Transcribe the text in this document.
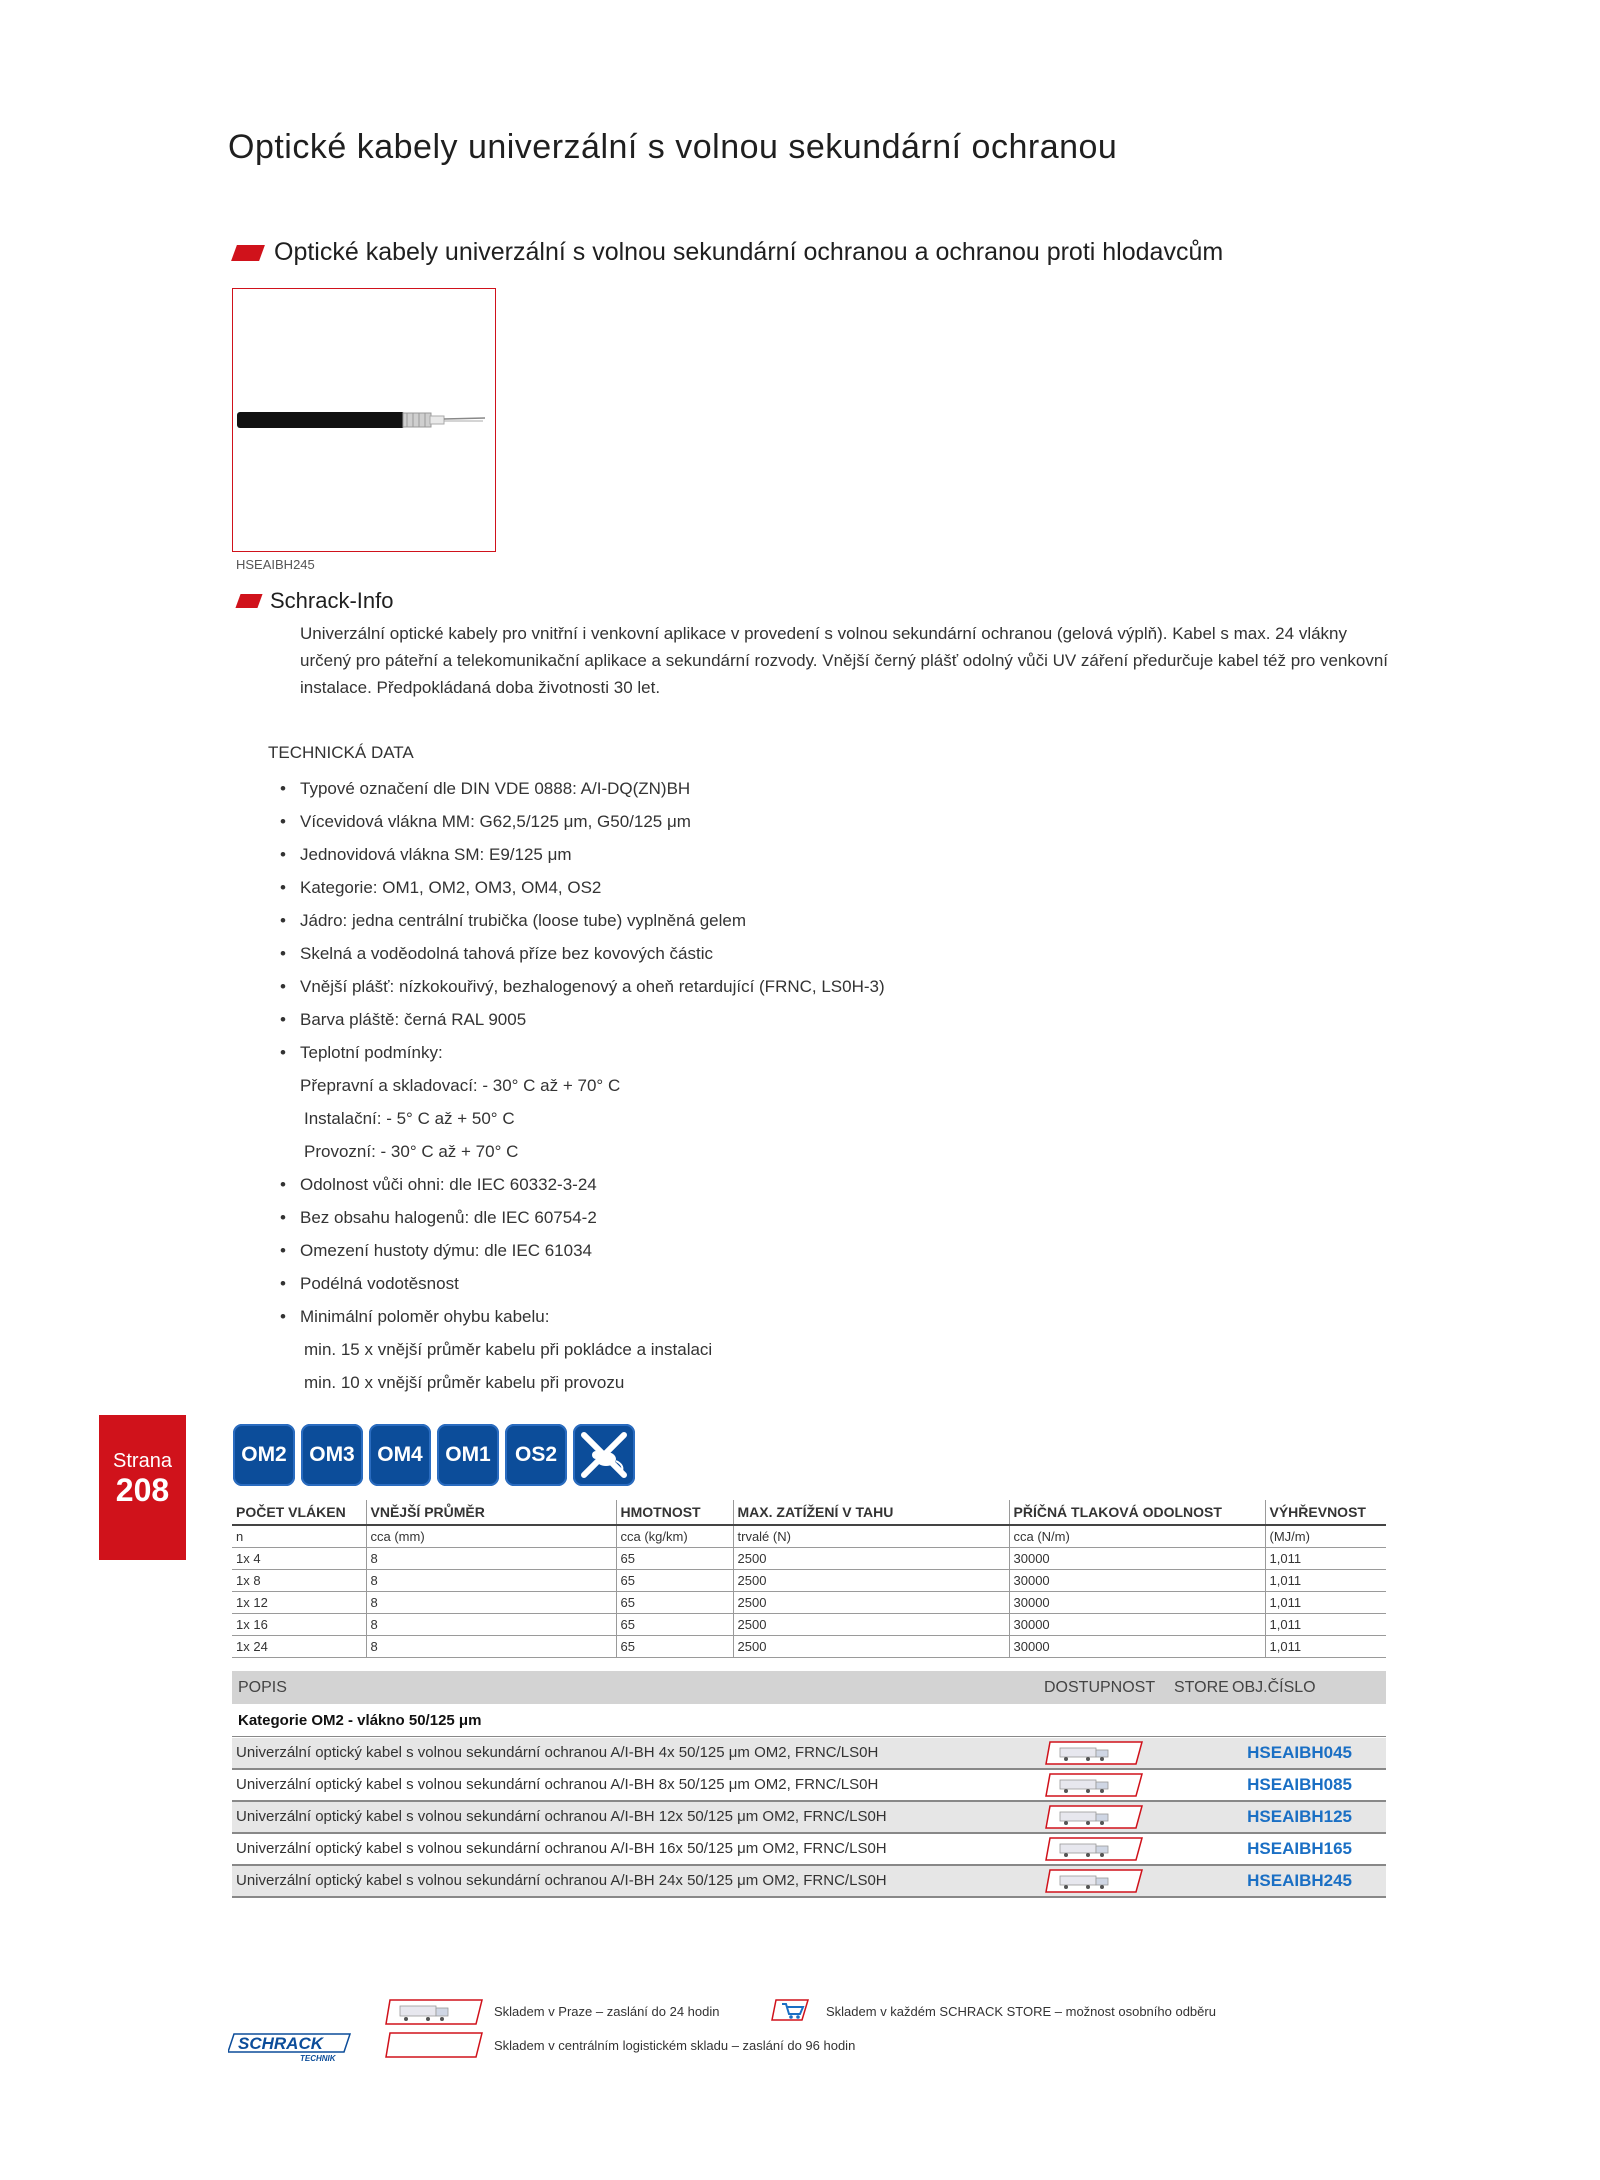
Optické kabely univerzální s volnou sekundární ochranou
Optické kabely univerzální s volnou sekundární ochranou a ochranou proti hlodavcům
HSEAIBH245
Schrack-Info
Univerzální optické kabely pro vnitřní i venkovní aplikace v provedení s volnou sekundární ochranou (gelová výplň). Kabel s max. 24 vlákny určený pro páteřní a telekomunikační aplikace a sekundární rozvody. Vnější černý plášť odolný vůči UV záření předurčuje kabel též pro venkovní instalace. Předpokládaná doba životnosti 30 let.
TECHNICKÁ DATA
• Typové označení dle DIN VDE 0888: A/I-DQ(ZN)BH
• Vícevidová vlákna MM: G62,5/125 μm, G50/125 μm
• Jednovidová vlákna SM: E9/125 μm
• Kategorie: OM1, OM2, OM3, OM4, OS2
• Jádro: jedna centrální trubička (loose tube) vyplněná gelem
• Skelná a voděodolná tahová příze bez kovových částic
• Vnější plášť: nízkokouřivý, bezhalogenový a oheň retardující (FRNC, LS0H-3)
• Barva pláště: černá RAL 9005
• Teplotní podmínky:
Přepravní a skladovací: - 30° C až + 70° C
Instalační: - 5° C až + 50° C
Provozní: - 30° C až + 70° C
• Odolnost vůči ohni: dle IEC 60332-3-24
• Bez obsahu halogenů: dle IEC 60754-2
• Omezení hustoty dýmu: dle IEC 61034
• Podélná vodotěsnost
• Minimální poloměr ohybu kabelu:
min. 15 x vnější průměr kabelu při pokládce a instalaci
min. 10 x vnější průměr kabelu při provozu
Strana
208
OM2	OM3	OM4	OM1	OS2
POČET VLÁKEN	VNĚJŠÍ PRŮMĚR	HMOTNOST	MAX. ZATÍŽENÍ V TAHU	PŘÍČNÁ TLAKOVÁ ODOLNOST	VÝHŘEVNOST
n	cca (mm)	cca (kg/km)	trvalé (N)	cca (N/m)	(MJ/m)
1x 4	8	65	2500	30000	1,011
1x 8	8	65	2500	30000	1,011
1x 12	8	65	2500	30000	1,011
1x 16	8	65	2500	30000	1,011
1x 24	8	65	2500	30000	1,011
POPIS	DOSTUPNOST STORE OBJ.ČÍSLO
Kategorie OM2 - vlákno 50/125 μm
Univerzální optický kabel s volnou sekundární ochranou A/I-BH 4x 50/125 μm OM2, FRNC/LS0H	HSEAIBH045
Univerzální optický kabel s volnou sekundární ochranou A/I-BH 8x 50/125 μm OM2, FRNC/LS0H	HSEAIBH085
Univerzální optický kabel s volnou sekundární ochranou A/I-BH 12x 50/125 μm OM2, FRNC/LS0H	HSEAIBH125
Univerzální optický kabel s volnou sekundární ochranou A/I-BH 16x 50/125 μm OM2, FRNC/LS0H	HSEAIBH165
Univerzální optický kabel s volnou sekundární ochranou A/I-BH 24x 50/125 μm OM2, FRNC/LS0H	HSEAIBH245
Skladem v Praze – zaslání do 24 hodin	Skladem v každém SCHRACK STORE – možnost osobního odběru
Skladem v centrálním logistickém skladu – zaslání do 96 hodin
SCHRACK
TECHNIK
